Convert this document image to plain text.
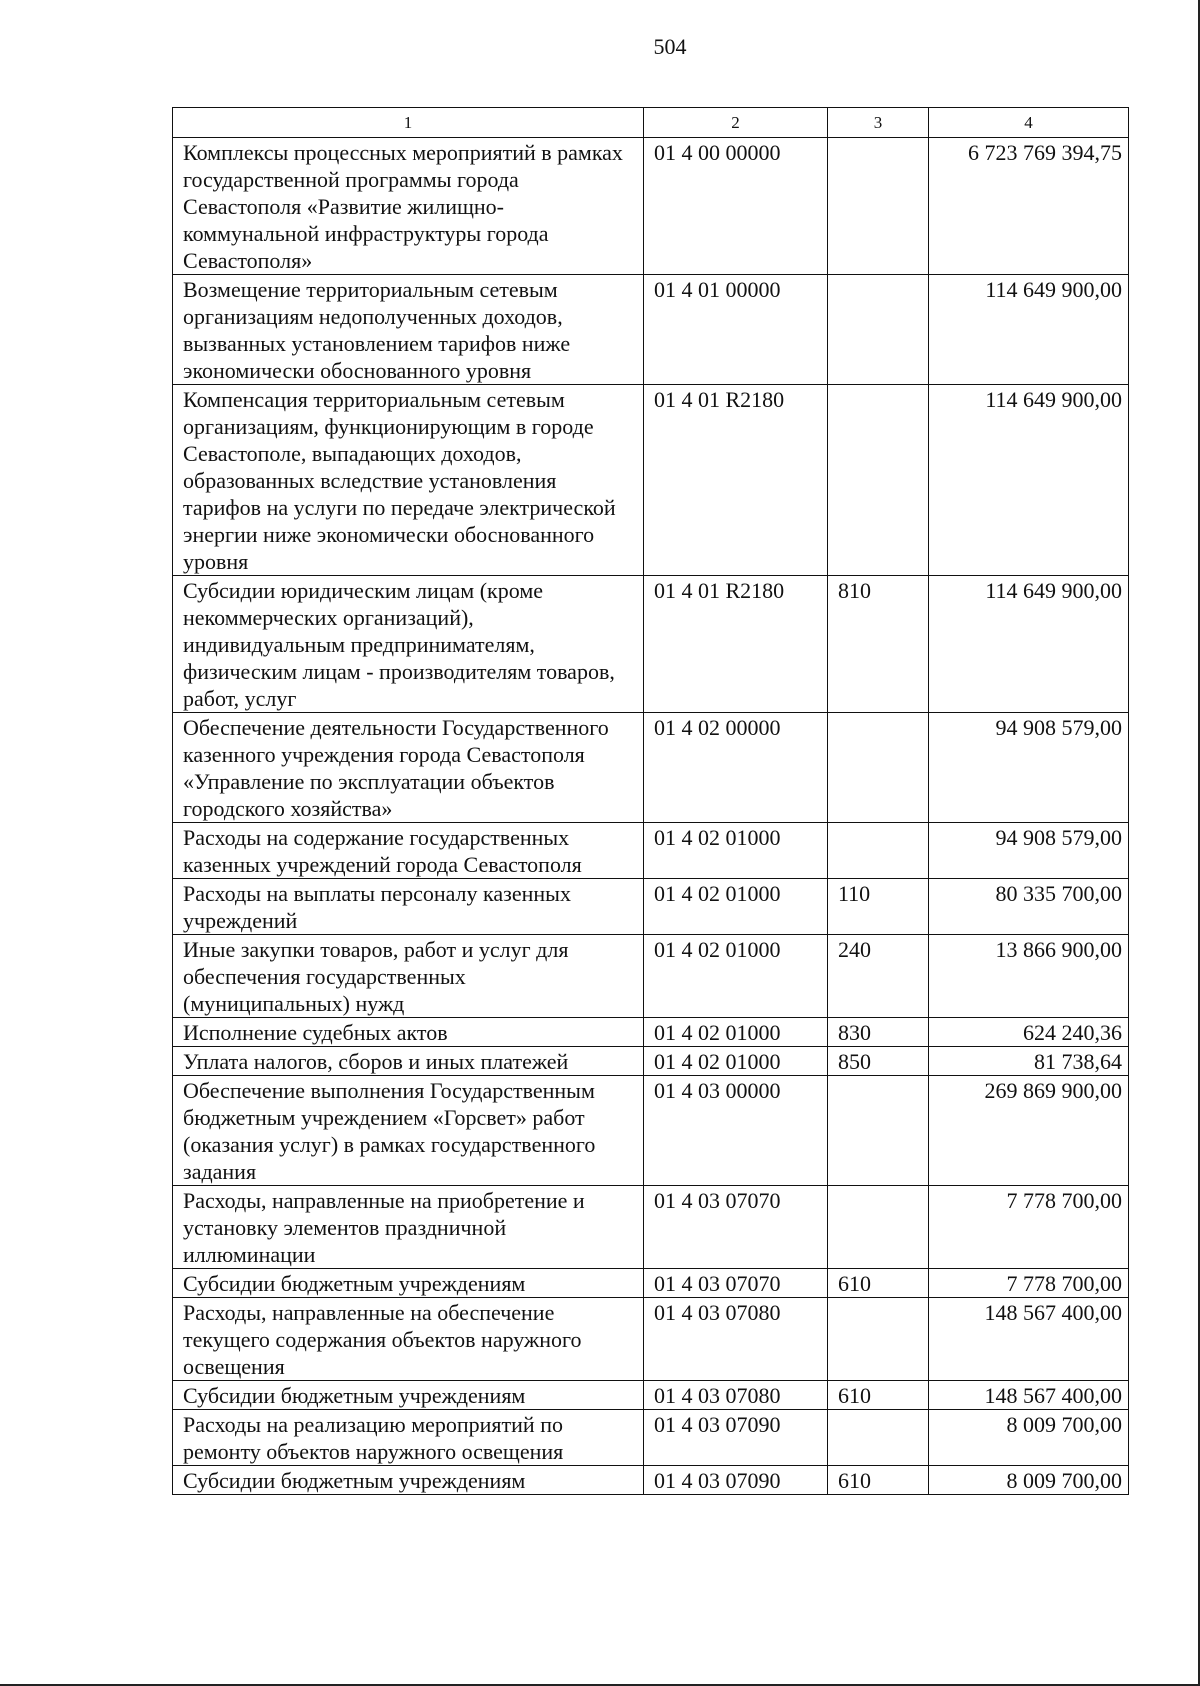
504
1	2	3	4
Комплексы процессных мероприятий в рамках государственной программы города Севастополя «Развитие жилищно-коммунальной инфраструктуры города Севастополя»	01 4 00 00000		6 723 769 394,75
Возмещение территориальным сетевым организациям недополученных доходов, вызванных установлением тарифов ниже экономически обоснованного уровня	01 4 01 00000		114 649 900,00
Компенсация территориальным сетевым организациям, функционирующим в городе Севастополе, выпадающих доходов, образованных вследствие установления тарифов на услуги по передаче электрической энергии ниже экономически обоснованного уровня	01 4 01 R2180		114 649 900,00
Субсидии юридическим лицам (кроме некоммерческих организаций), индивидуальным предпринимателям, физическим лицам - производителям товаров, работ, услуг	01 4 01 R2180	810	114 649 900,00
Обеспечение деятельности Государственного казенного учреждения города Севастополя «Управление по эксплуатации объектов городского хозяйства»	01 4 02 00000		94 908 579,00
Расходы на содержание государственных казенных учреждений города Севастополя	01 4 02 01000		94 908 579,00
Расходы на выплаты персоналу казенных учреждений	01 4 02 01000	110	80 335 700,00
Иные закупки товаров, работ и услуг для обеспечения государственных (муниципальных) нужд	01 4 02 01000	240	13 866 900,00
Исполнение судебных актов	01 4 02 01000	830	624 240,36
Уплата налогов, сборов и иных платежей	01 4 02 01000	850	81 738,64
Обеспечение выполнения Государственным бюджетным учреждением «Горсвет» работ (оказания услуг) в рамках государственного задания	01 4 03 00000		269 869 900,00
Расходы, направленные на приобретение и установку элементов праздничной иллюминации	01 4 03 07070		7 778 700,00
Субсидии бюджетным учреждениям	01 4 03 07070	610	7 778 700,00
Расходы, направленные на обеспечение текущего содержания объектов наружного освещения	01 4 03 07080		148 567 400,00
Субсидии бюджетным учреждениям	01 4 03 07080	610	148 567 400,00
Расходы на реализацию мероприятий по ремонту объектов наружного освещения	01 4 03 07090		8 009 700,00
Субсидии бюджетным учреждениям	01 4 03 07090	610	8 009 700,00
